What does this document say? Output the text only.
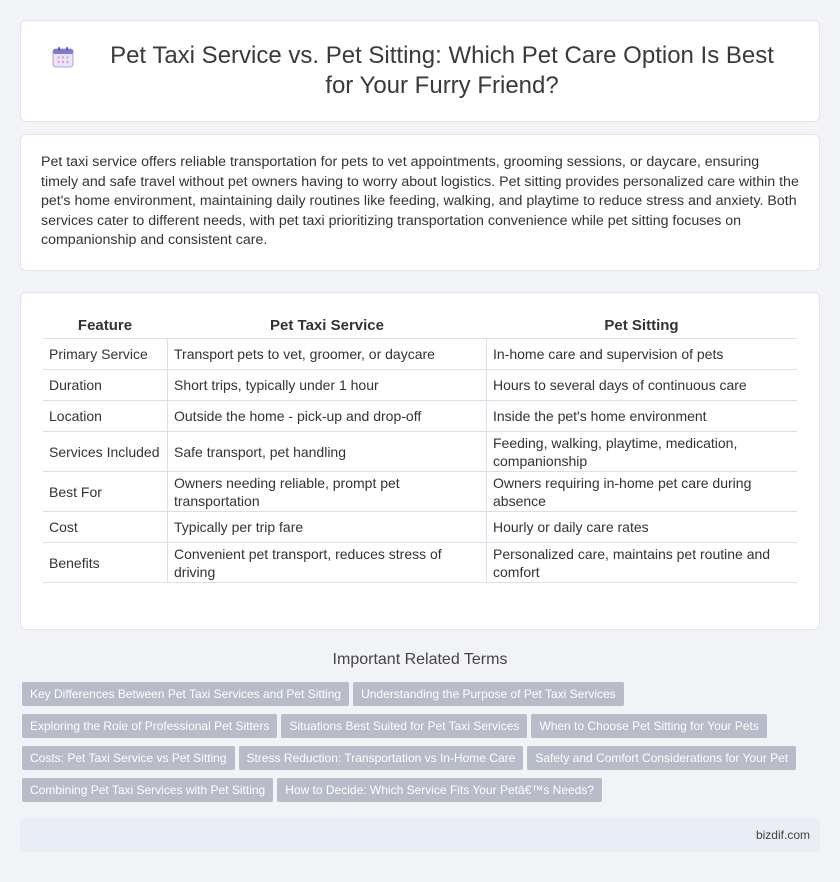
Pet Taxi Service vs. Pet Sitting: Which Pet Care Option Is Best for Your Furry Friend?

Pet taxi service offers reliable transportation for pets to vet appointments, grooming sessions, or daycare, ensuring timely and safe travel without pet owners having to worry about logistics. Pet sitting provides personalized care within the pet's home environment, maintaining daily routines like feeding, walking, and playtime to reduce stress and anxiety. Both services cater to different needs, with pet taxi prioritizing transportation convenience while pet sitting focuses on companionship and consistent care.

Feature	Pet Taxi Service	Pet Sitting
Primary Service	Transport pets to vet, groomer, or daycare	In-home care and supervision of pets
Duration	Short trips, typically under 1 hour	Hours to several days of continuous care
Location	Outside the home - pick-up and drop-off	Inside the pet's home environment
Services Included	Safe transport, pet handling	Feeding, walking, playtime, medication, companionship
Best For	Owners needing reliable, prompt pet transportation	Owners requiring in-home pet care during absence
Cost	Typically per trip fare	Hourly or daily care rates
Benefits	Convenient pet transport, reduces stress of driving	Personalized care, maintains pet routine and comfort
Important Related Terms
Key Differences Between Pet Taxi Services and Pet Sitting Understanding the Purpose of Pet Taxi Services
Exploring the Role of Professional Pet Sitters Situations Best Suited for Pet Taxi Services When to Choose Pet Sitting for Your Pets
Costs: Pet Taxi Service vs Pet Sitting Stress Reduction: Transportation vs In-Home Care Safety and Comfort Considerations for Your Pet
Combining Pet Taxi Services with Pet Sitting How to Decide: Which Service Fits Your Petâ€™s Needs?
bizdif.com
